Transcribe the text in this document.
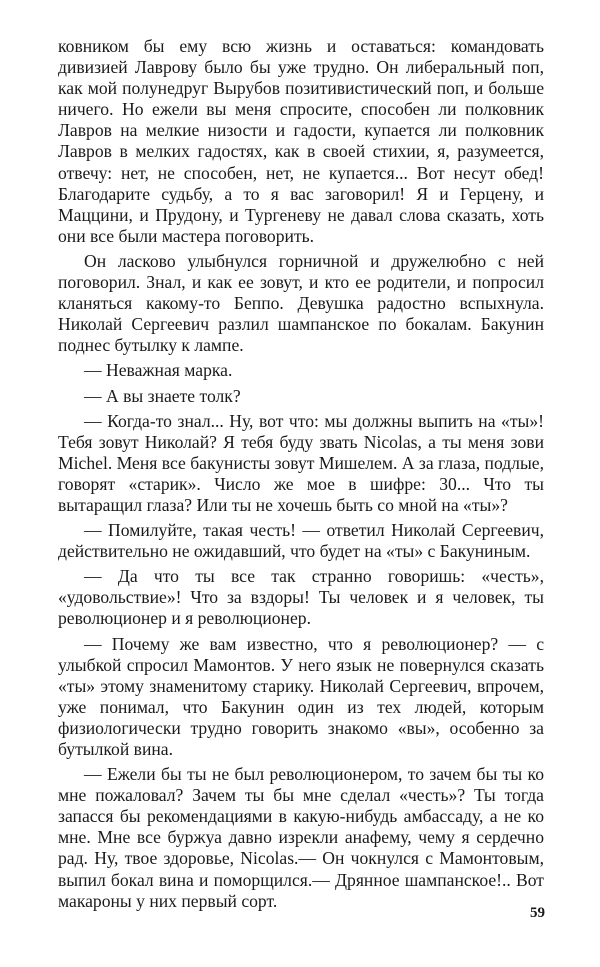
ковником бы ему всю жизнь и оставаться: командовать дивизией Лаврову было бы уже трудно. Он либеральный поп, как мой полунедруг Вырубов позитивистический поп, и больше ничего. Но ежели вы меня спросите, способен ли полковник Лавров на мелкие низости и гадости, купается ли полковник Лавров в мелких гадостях, как в своей стихии, я, разумеется, отвечу: нет, не способен, нет, не купается... Вот несут обед! Благодарите судьбу, а то я вас заговорил! Я и Герцену, и Маццини, и Прудону, и Тургеневу не давал слова сказать, хоть они все были мастера поговорить.

Он ласково улыбнулся горничной и дружелюбно с ней поговорил. Знал, и как ее зовут, и кто ее родители, и попросил кланяться какому-то Беппо. Девушка радостно вспыхнула. Николай Сергеевич разлил шампанское по бокалам. Бакунин поднес бутылку к лампе.

— Неважная марка.

— А вы знаете толк?

— Когда-то знал... Ну, вот что: мы должны выпить на «ты»! Тебя зовут Николай? Я тебя буду звать Nicolas, а ты меня зови Michel. Меня все бакунисты зовут Мишелем. А за глаза, подлые, говорят «старик». Число же мое в шифре: 30... Что ты вытаращил глаза? Или ты не хочешь быть со мной на «ты»?

— Помилуйте, такая честь! — ответил Николай Сергеевич, действительно не ожидавший, что будет на «ты» с Бакуниным.

— Да что ты все так странно говоришь: «честь», «удовольствие»! Что за вздоры! Ты человек и я человек, ты революционер и я революционер.

— Почему же вам известно, что я революционер? — с улыбкой спросил Мамонтов. У него язык не повернулся сказать «ты» этому знаменитому старику. Николай Сергеевич, впрочем, уже понимал, что Бакунин один из тех людей, которым физиологически трудно говорить знакомо «вы», особенно за бутылкой вина.

— Ежели бы ты не был революционером, то зачем бы ты ко мне пожаловал? Зачем ты бы мне сделал «честь»? Ты тогда запасся бы рекомендациями в какую-нибудь амбассаду, а не ко мне. Мне все буржуа давно изрекли анафему, чему я сердечно рад. Ну, твое здоровье, Nicolas.— Он чокнулся с Мамонтовым, выпил бокал вина и поморщился.— Дрянное шампанское!.. Вот макароны у них первый сорт.

59
